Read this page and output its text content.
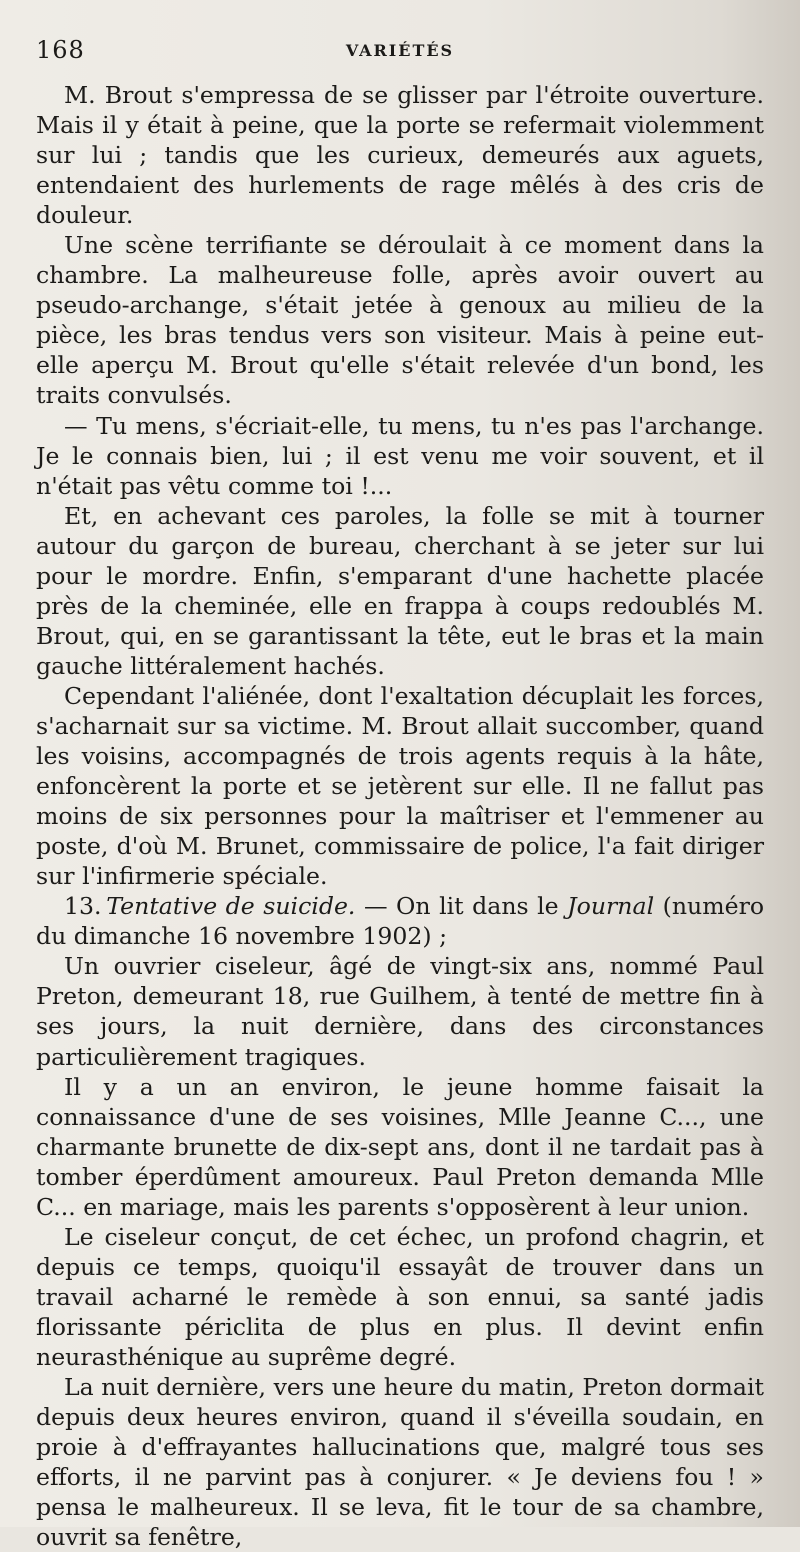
168	VARIÉTÉS

M. Brout s'empressa de se glisser par l'étroite ouverture. Mais il y était à peine, que la porte se refermait violemment sur lui ; tandis que les curieux, demeurés aux aguets, entendaient des hurlements de rage mêlés à des cris de douleur.

Une scène terrifiante se déroulait à ce moment dans la chambre. La malheureuse folle, après avoir ouvert au pseudo-archange, s'était jetée à genoux au milieu de la pièce, les bras tendus vers son visiteur. Mais à peine eut-elle aperçu M. Brout qu'elle s'était relevée d'un bond, les traits convulsés.

— Tu mens, s'écriait-elle, tu mens, tu n'es pas l'archange. Je le connais bien, lui ; il est venu me voir souvent, et il n'était pas vêtu comme toi !...

Et, en achevant ces paroles, la folle se mit à tourner autour du garçon de bureau, cherchant à se jeter sur lui pour le mordre. Enfin, s'emparant d'une hachette placée près de la cheminée, elle en frappa à coups redoublés M. Brout, qui, en se garantissant la tête, eut le bras et la main gauche littéralement hachés.

Cependant l'aliénée, dont l'exaltation décuplait les forces, s'acharnait sur sa victime. M. Brout allait succomber, quand les voisins, accompagnés de trois agents requis à la hâte, enfoncèrent la porte et se jetèrent sur elle. Il ne fallut pas moins de six personnes pour la maîtriser et l'emmener au poste, d'où M. Brunet, commissaire de police, l'a fait diriger sur l'infirmerie spéciale.

13.  Tentative de suicide. — On lit dans le Journal (numéro du dimanche 16 novembre 1902) ;

Un ouvrier ciseleur, âgé de vingt-six ans, nommé Paul Preton, demeurant 18, rue Guilhem, à tenté de mettre fin à ses jours, la nuit dernière, dans des circonstances particulièrement tragiques.

Il y a un an environ, le jeune homme faisait la connaissance d'une de ses voisines, Mlle Jeanne C..., une charmante brunette de dix-sept ans, dont il ne tardait pas à tomber éperdûment amoureux. Paul Preton demanda Mlle C... en mariage, mais les parents s'opposèrent à leur union.

Le ciseleur conçut, de cet échec, un profond chagrin, et depuis ce temps, quoiqu'il essayât de trouver dans un travail acharné le remède à son ennui, sa santé jadis florissante périclita de plus en plus. Il devint enfin neurasthénique au suprême degré.

La nuit dernière, vers une heure du matin, Preton dormait depuis deux heures environ, quand il s'éveilla soudain, en proie à d'effrayantes hallucinations que, malgré tous ses efforts, il ne parvint pas à conjurer. « Je deviens fou ! » pensa le malheureux. Il se leva, fit le tour de sa chambre, ouvrit sa fenêtre,
